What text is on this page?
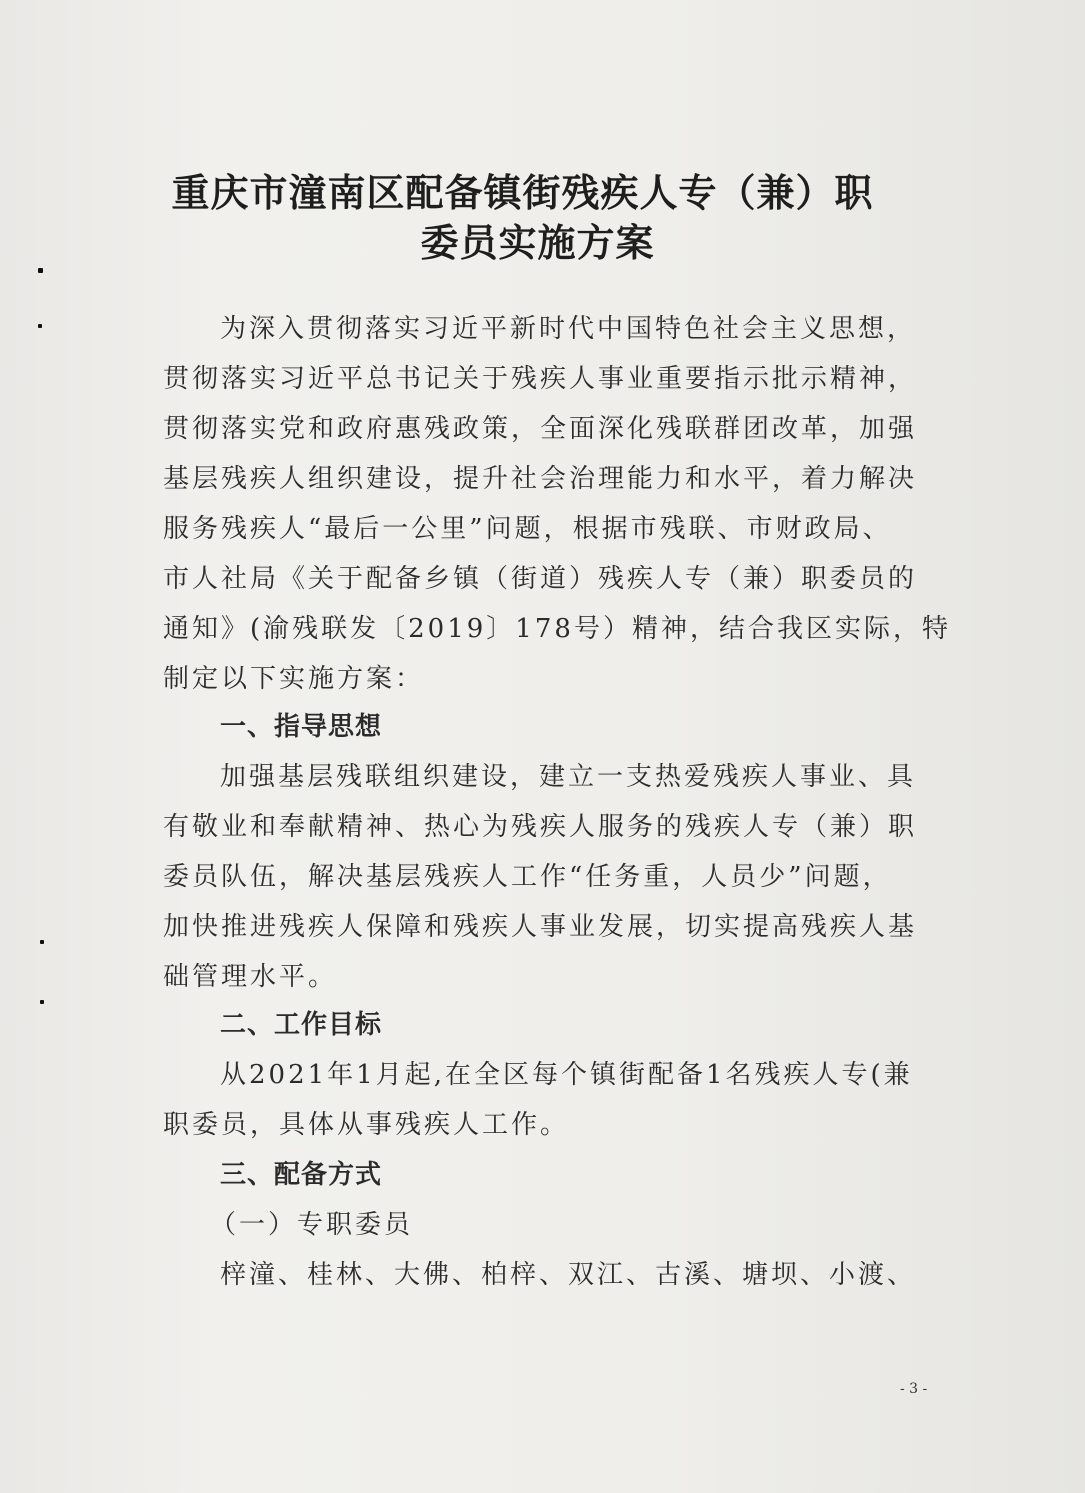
重庆市潼南区配备镇街残疾人专（兼）职
委员实施方案

为深入贯彻落实习近平新时代中国特色社会主义思想，

贯彻落实习近平总书记关于残疾人事业重要指示批示精神，

贯彻落实党和政府惠残政策，全面深化残联群团改革，加强

基层残疾人组织建设，提升社会治理能力和水平，着力解决

服务残疾人“最后一公里”问题，根据市残联、市财政局、

市人社局《关于配备乡镇（街道）残疾人专（兼）职委员的

通知》(渝残联发〔2019〕178号）精神，结合我区实际，特

制定以下实施方案：

一、指导思想

加强基层残联组织建设，建立一支热爱残疾人事业、具

有敬业和奉献精神、热心为残疾人服务的残疾人专（兼）职

委员队伍，解决基层残疾人工作“任务重，人员少”问题，

加快推进残疾人保障和残疾人事业发展，切实提高残疾人基

础管理水平。

二、工作目标

从2021年1月起,在全区每个镇街配备1名残疾人专(兼

职委员，具体从事残疾人工作。

三、配备方式

（一）专职委员

梓潼、桂林、大佛、柏梓、双江、古溪、塘坝、小渡、

- 3 -
